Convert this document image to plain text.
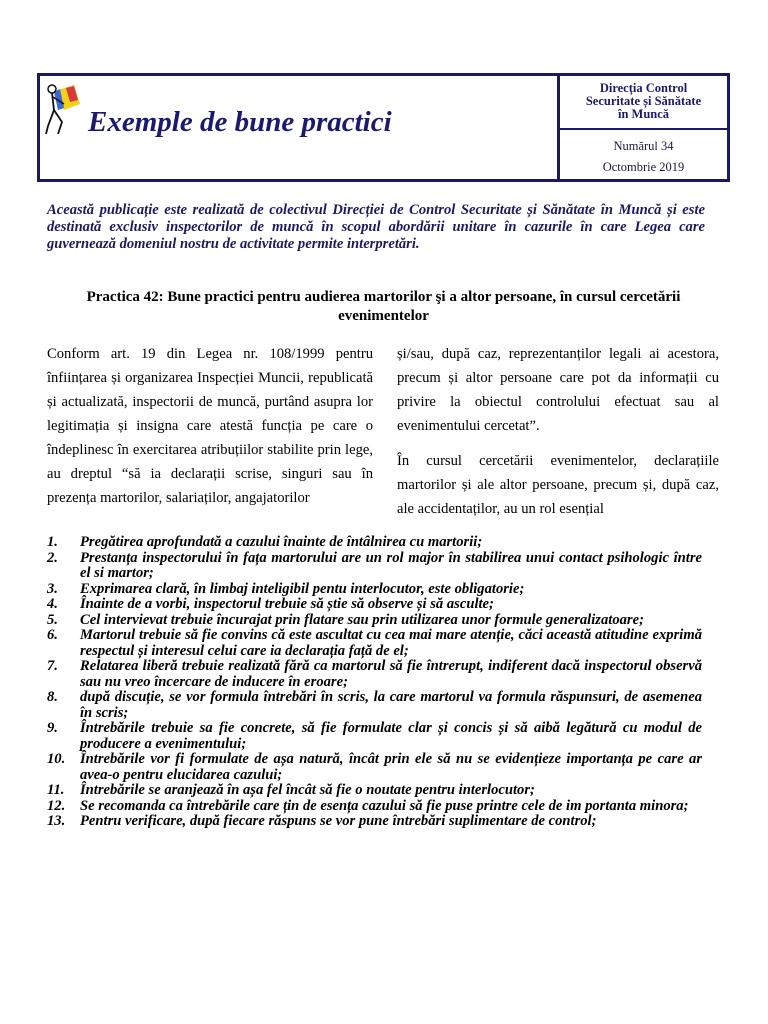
Exemple de bune practici
Direcția Control
Securitate și Sănătate
în Muncă
Numărul 34
Octombrie 2019
Această publicație este realizată de colectivul Direcției de Control Securitate și Sănătate în Muncă și este destinată exclusiv inspectorilor de muncă în scopul abordării unitare în cazurile în care Legea care guvernează domeniul nostru de activitate permite interpretări.
Practica 42: Bune practici pentru audierea martorilor şi a altor persoane, în cursul cercetării evenimentelor

Conform art. 19 din Legea nr. 108/1999 pentru înființarea și organizarea Inspecției Muncii, republicată și actualizată, inspectorii de muncă, purtând asupra lor legitimația și insigna care atestă funcția pe care o îndeplinesc în exercitarea atribuțiilor stabilite prin lege, au dreptul “să ia declarații scrise, singuri sau în prezența martorilor, salariaților, angajatorilor

și/sau, după caz, reprezentanților legali ai acestora, precum și altor persoane care pot da informații cu privire la obiectul controlului efectuat sau al evenimentului cercetat”.

În cursul cercetării evenimentelor, declarațiile martorilor și ale altor persoane, precum și, după caz, ale accidentaților, au un rol esențial

1.	Pregătirea aprofundată a cazului înainte de întâlnirea cu martorii;
2.	Prestanța inspectorului în fața martorului are un rol major în stabilirea unui contact psihologic între el si martor;
3.	Exprimarea clară, în limbaj inteligibil pentu interlocutor, este obligatorie;
4.	Înainte de a vorbi, inspectorul trebuie să știe să observe și să asculte;
5.	Cel intervievat trebuie încurajat prin flatare sau prin utilizarea unor formule generalizatoare;
6.	Martorul trebuie să fie convins că este ascultat cu cea mai mare atenție, căci această atitudine exprimă respectul și interesul celui care ia declarația față de el;
7.	Relatarea liberă trebuie realizată fără ca martorul să fie întrerupt, indiferent dacă inspectorul observă sau nu vreo încercare de inducere în eroare;
8.	după discuție, se vor formula întrebări în scris, la care martorul va formula răspunsuri, de asemenea în scris;
9.	Întrebările trebuie sa fie concrete, să fie formulate clar și concis și să aibă legătură cu modul de producere a evenimentului;
10.	Întrebările vor fi formulate de așa natură, încât prin ele să nu se evidențieze importanța pe care ar avea-o pentru elucidarea cazului;
11.	Întrebările se aranjează în așa fel încât să fie o noutate pentru interlocutor;
12.	Se recomanda ca întrebările care țin de esența cazului să fie puse printre cele de im portanta minora;
13.	Pentru verificare, după fiecare răspuns se vor pune întrebări suplimentare de control;
